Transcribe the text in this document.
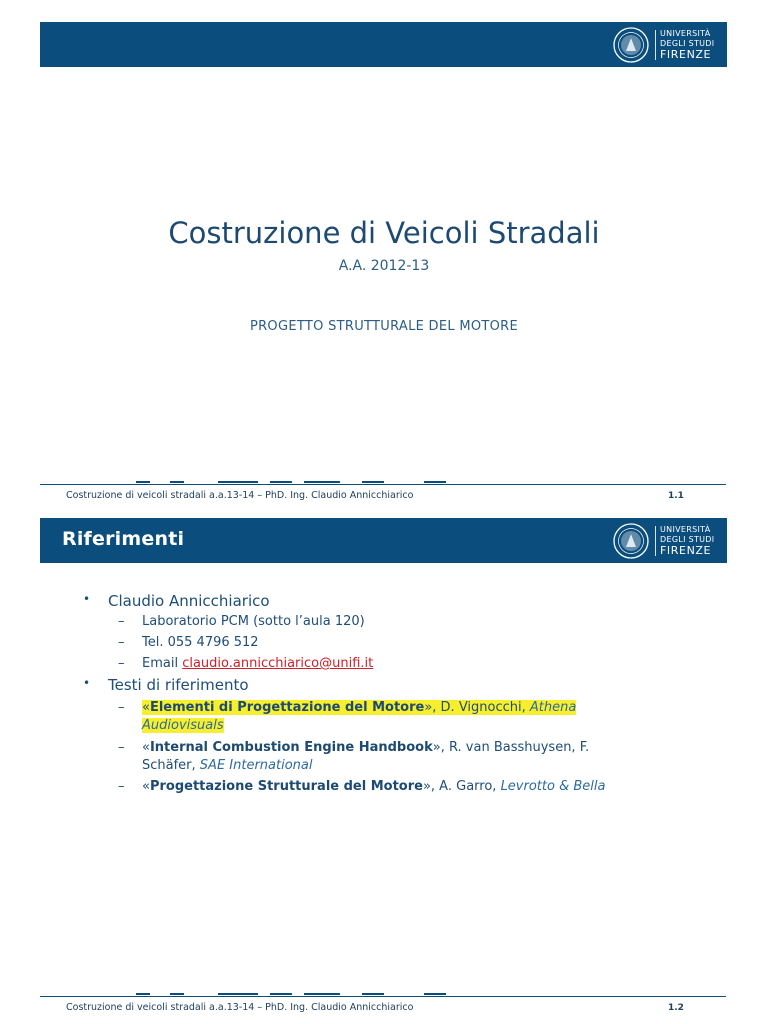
UNIVERSITÀ
DEGLI STUDI
FIRENZE
Costruzione di Veicoli Stradali
A.A. 2012-13
PROGETTO STRUTTURALE DEL MOTORE
Costruzione di veicoli stradali a.a.13-14 – PhD. Ing. Claudio Annicchiarico	1.1
Riferimenti	UNIVERSITÀ
DEGLI STUDI
FIRENZE
• Claudio Annicchiarico
– Laboratorio PCM (sotto l’aula 120)
– Tel. 055 4796 512
– Email claudio.annicchiarico@unifi.it
• Testi di riferimento
– «Elementi di Progettazione del Motore», D. Vignocchi, Athena
Audiovisuals
– «Internal Combustion Engine Handbook», R. van Basshuysen, F.
Schäfer, SAE International
– «Progettazione Strutturale del Motore», A. Garro, Levrotto & Bella
Costruzione di veicoli stradali a.a.13-14 – PhD. Ing. Claudio Annicchiarico	1.2
